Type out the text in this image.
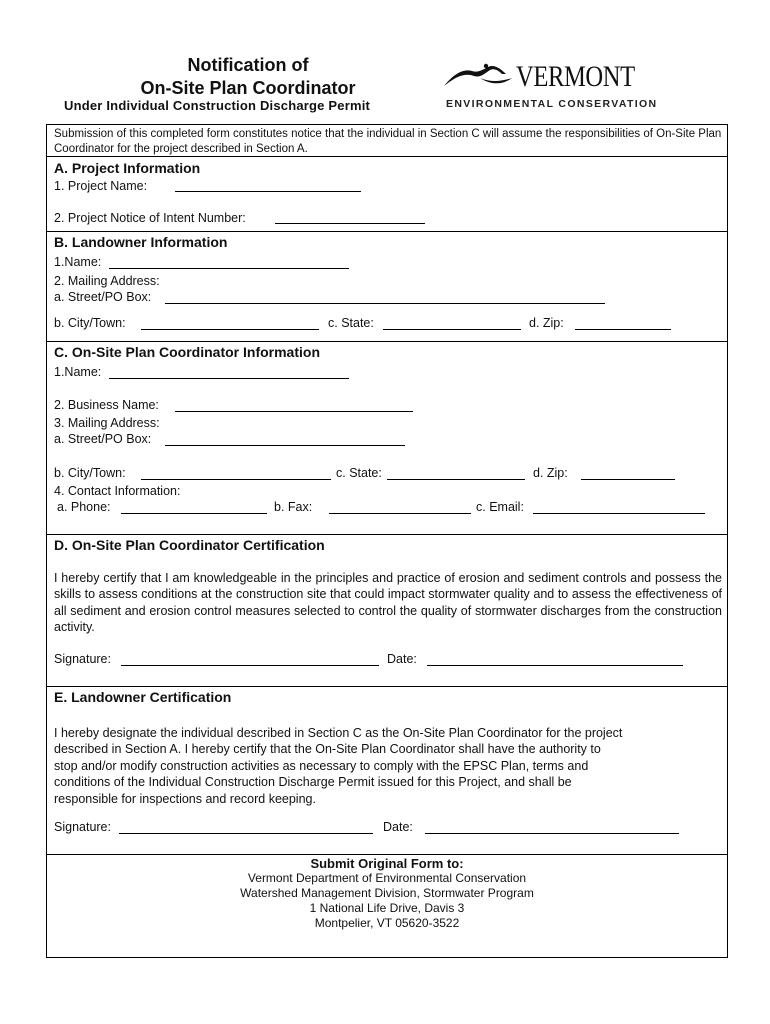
Notification of
On-Site Plan Coordinator
Under Individual Construction Discharge Permit
VERMONT
ENVIRONMENTAL CONSERVATION
Submission of this completed form constitutes notice that the individual in Section C will assume the responsibilities of On-Site Plan Coordinator for the project described in Section A.
A. Project Information
1. Project Name:
2. Project Notice of Intent Number:
B. Landowner Information
1.Name:
2. Mailing Address:
a. Street/PO Box:
b. City/Town:	c. State:	d. Zip:
C. On-Site Plan Coordinator Information
1.Name:
2. Business Name:
3. Mailing Address:
a. Street/PO Box:
b. City/Town:	c. State:	d. Zip:
4. Contact Information:
a. Phone:	b. Fax:	c. Email:
D. On-Site Plan Coordinator Certification
I hereby certify that I am knowledgeable in the principles and practice of erosion and sediment controls and possess the skills to assess conditions at the construction site that could impact stormwater quality and to assess the effectiveness of all sediment and erosion control measures selected to control the quality of stormwater discharges from the construction activity.
Signature:	Date:
E. Landowner Certification
I hereby designate the individual described in Section C as the On-Site Plan Coordinator for the project
described in Section A. I hereby certify that the On-Site Plan Coordinator shall have the authority to
stop and/or modify construction activities as necessary to comply with the EPSC Plan, terms and
conditions of the Individual Construction Discharge Permit issued for this Project, and shall be
responsible for inspections and record keeping.
Signature:	Date:
Submit Original Form to:
Vermont Department of Environmental Conservation
Watershed Management Division, Stormwater Program
1 National Life Drive, Davis 3
Montpelier, VT 05620-3522
